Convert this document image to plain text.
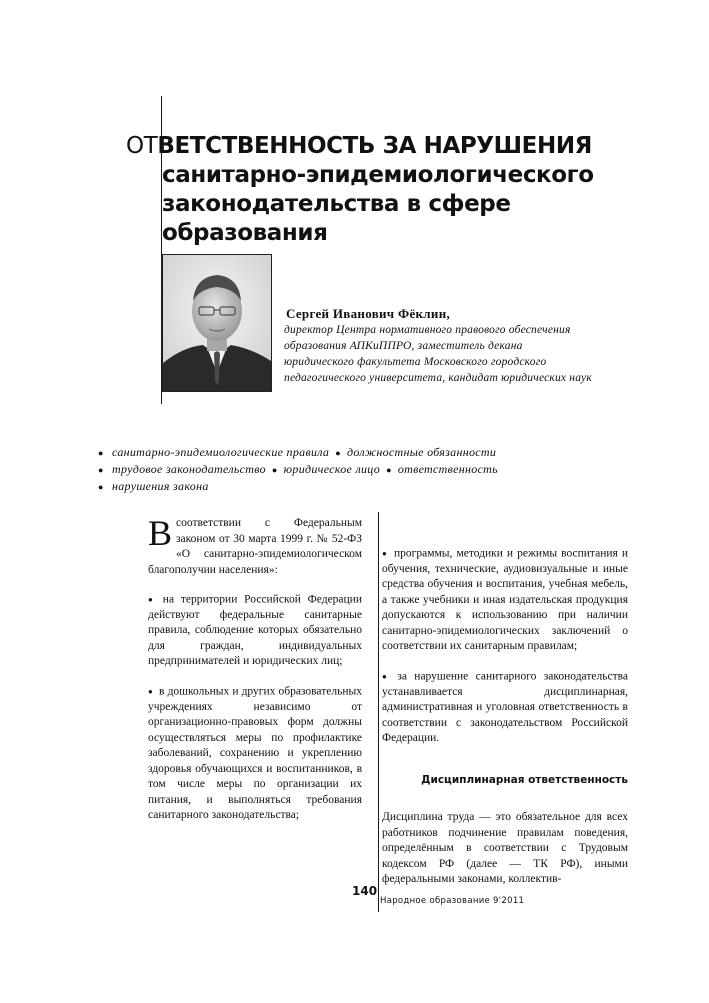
ОТВЕТСТВЕННОСТЬ ЗА НАРУШЕНИЯ
санитарно-эпидемиологического
законодательства в сфере
образования
Сергей Иванович Фёклин,
директор Центра нормативного правового обеспечения
образования АПКиППРО, заместитель декана
юридического факультета Московского городского
педагогического университета, кандидат юридических наук
● санитарно-эпидемиологические правила ● должностные обязанности
● трудовое законодательство ● юридическое лицо ● ответственность
● нарушения закона

Всоответствии с Федеральным законом от 30 марта 1999 г. № 52-ФЗ «О санитарно-эпидемиологическом благополучии населения»:

● на территории Российской Федерации действуют федеральные санитарные правила, соблюдение которых обязательно для граждан, индивидуальных предпринимателей и юридических лиц;

● в дошкольных и других образовательных учреждениях независимо от организационно-правовых форм должны осуществляться меры по профилактике заболеваний, сохранению и укреплению здоровья обучающихся и воспитанников, в том числе меры по организации их питания, и выполняться требования санитарного законодательства;

● программы, методики и режимы воспитания и обучения, технические, аудиовизуальные и иные средства обучения и воспитания, учебная мебель, а также учебники и иная издательская продукция допускаются к использованию при наличии санитарно-эпидемиологических заключений о соответствии их санитарным правилам;

● за нарушение санитарного законодательства устанавливается дисциплинарная, административная и уголовная ответственность в соответствии с законодательством Российской Федерации.

Дисциплинарная ответственность

Дисциплина труда — это обязательное для всех работников подчинение правилам поведения, определённым в соответствии с Трудовым кодексом РФ (далее — ТК РФ), иными федеральными законами, коллектив-

140
Народное образование 9'2011
